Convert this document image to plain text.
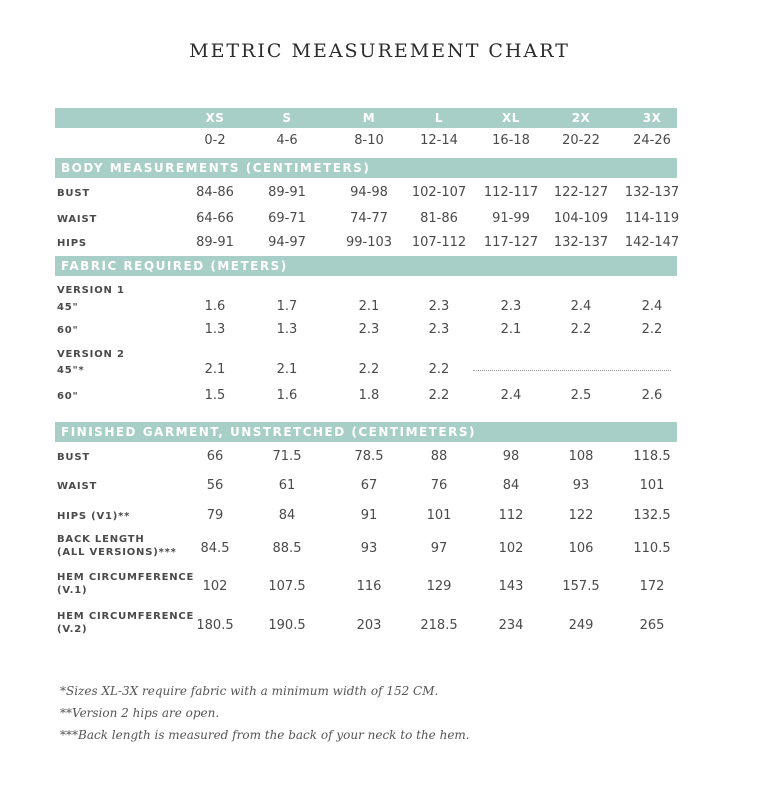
METRIC MEASUREMENT CHART
XS	S	M	L	XL	2X	3X
0-2	4-6	8-10	12-14	16-18	20-22	24-26
BODY MEASUREMENTS (CENTIMETERS)
BUST	84-86	89-91	94-98	102-107	112-117	122-127	132-137
WAIST	64-66	69-71	74-77	81-86	91-99	104-109	114-119
HIPS	89-91	94-97	99-103	107-112	117-127	132-137	142-147
FABRIC REQUIRED (METERS)
VERSION 1
45"	1.6	1.7	2.1	2.3	2.3	2.4	2.4
60"	1.3	1.3	2.3	2.3	2.1	2.2	2.2
VERSION 2
45"*	2.1	2.1	2.2	2.2
60"	1.5	1.6	1.8	2.2	2.4	2.5	2.6
FINISHED GARMENT, UNSTRETCHED (CENTIMETERS)
BUST	66	71.5	78.5	88	98	108	118.5
WAIST	56	61	67	76	84	93	101
HIPS (V1)**	79	84	91	101	112	122	132.5
BACK LENGTH
(ALL VERSIONS)***	84.5	88.5	93	97	102	106	110.5
HEM CIRCUMFERENCE
(V.1)	102	107.5	116	129	143	157.5	172
HEM CIRCUMFERENCE
(V.2)	180.5	190.5	203	218.5	234	249	265
*Sizes XL-3X require fabric with a minimum width of 152 CM.
**Version 2 hips are open.
***Back length is measured from the back of your neck to the hem.
